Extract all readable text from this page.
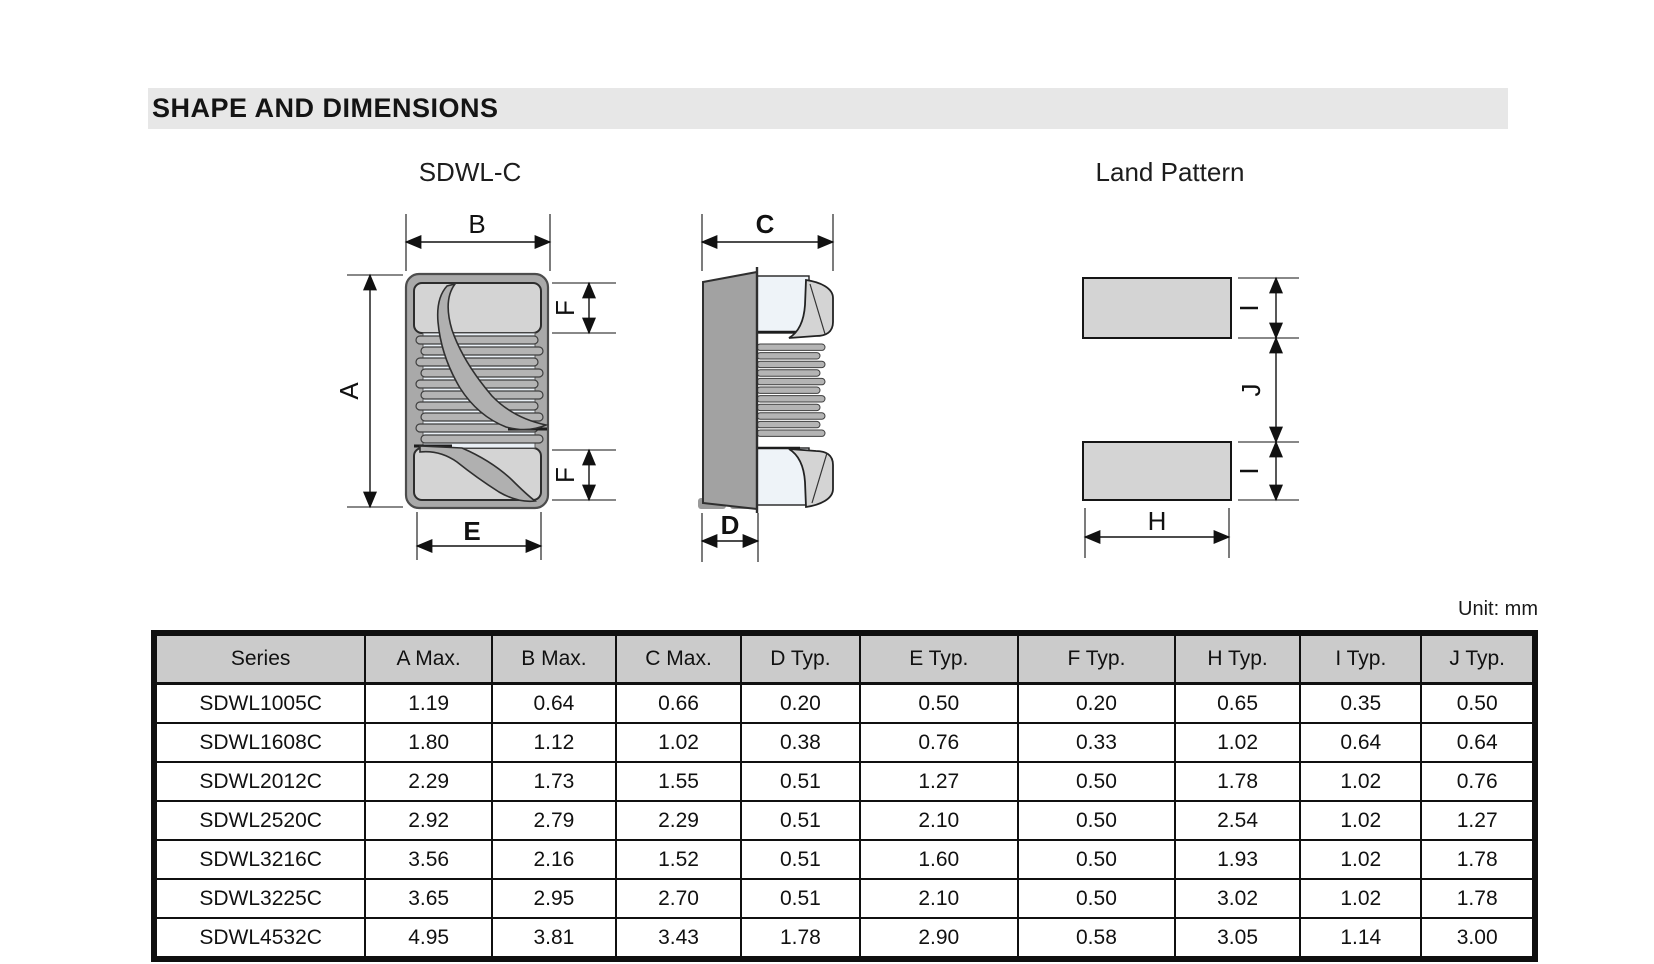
SHAPE AND DIMENSIONS
SDWL-C	Land Pattern
B
A
F
F
E
C
D
I
J
I
H
Unit: mm
Series	A Max.	B Max.	C Max.	D Typ.	E Typ.	F Typ.	H Typ.	I Typ.	J Typ.
SDWL1005C	1.19	0.64	0.66	0.20	0.50	0.20	0.65	0.35	0.50
SDWL1608C	1.80	1.12	1.02	0.38	0.76	0.33	1.02	0.64	0.64
SDWL2012C	2.29	1.73	1.55	0.51	1.27	0.50	1.78	1.02	0.76
SDWL2520C	2.92	2.79	2.29	0.51	2.10	0.50	2.54	1.02	1.27
SDWL3216C	3.56	2.16	1.52	0.51	1.60	0.50	1.93	1.02	1.78
SDWL3225C	3.65	2.95	2.70	0.51	2.10	0.50	3.02	1.02	1.78
SDWL4532C	4.95	3.81	3.43	1.78	2.90	0.58	3.05	1.14	3.00
